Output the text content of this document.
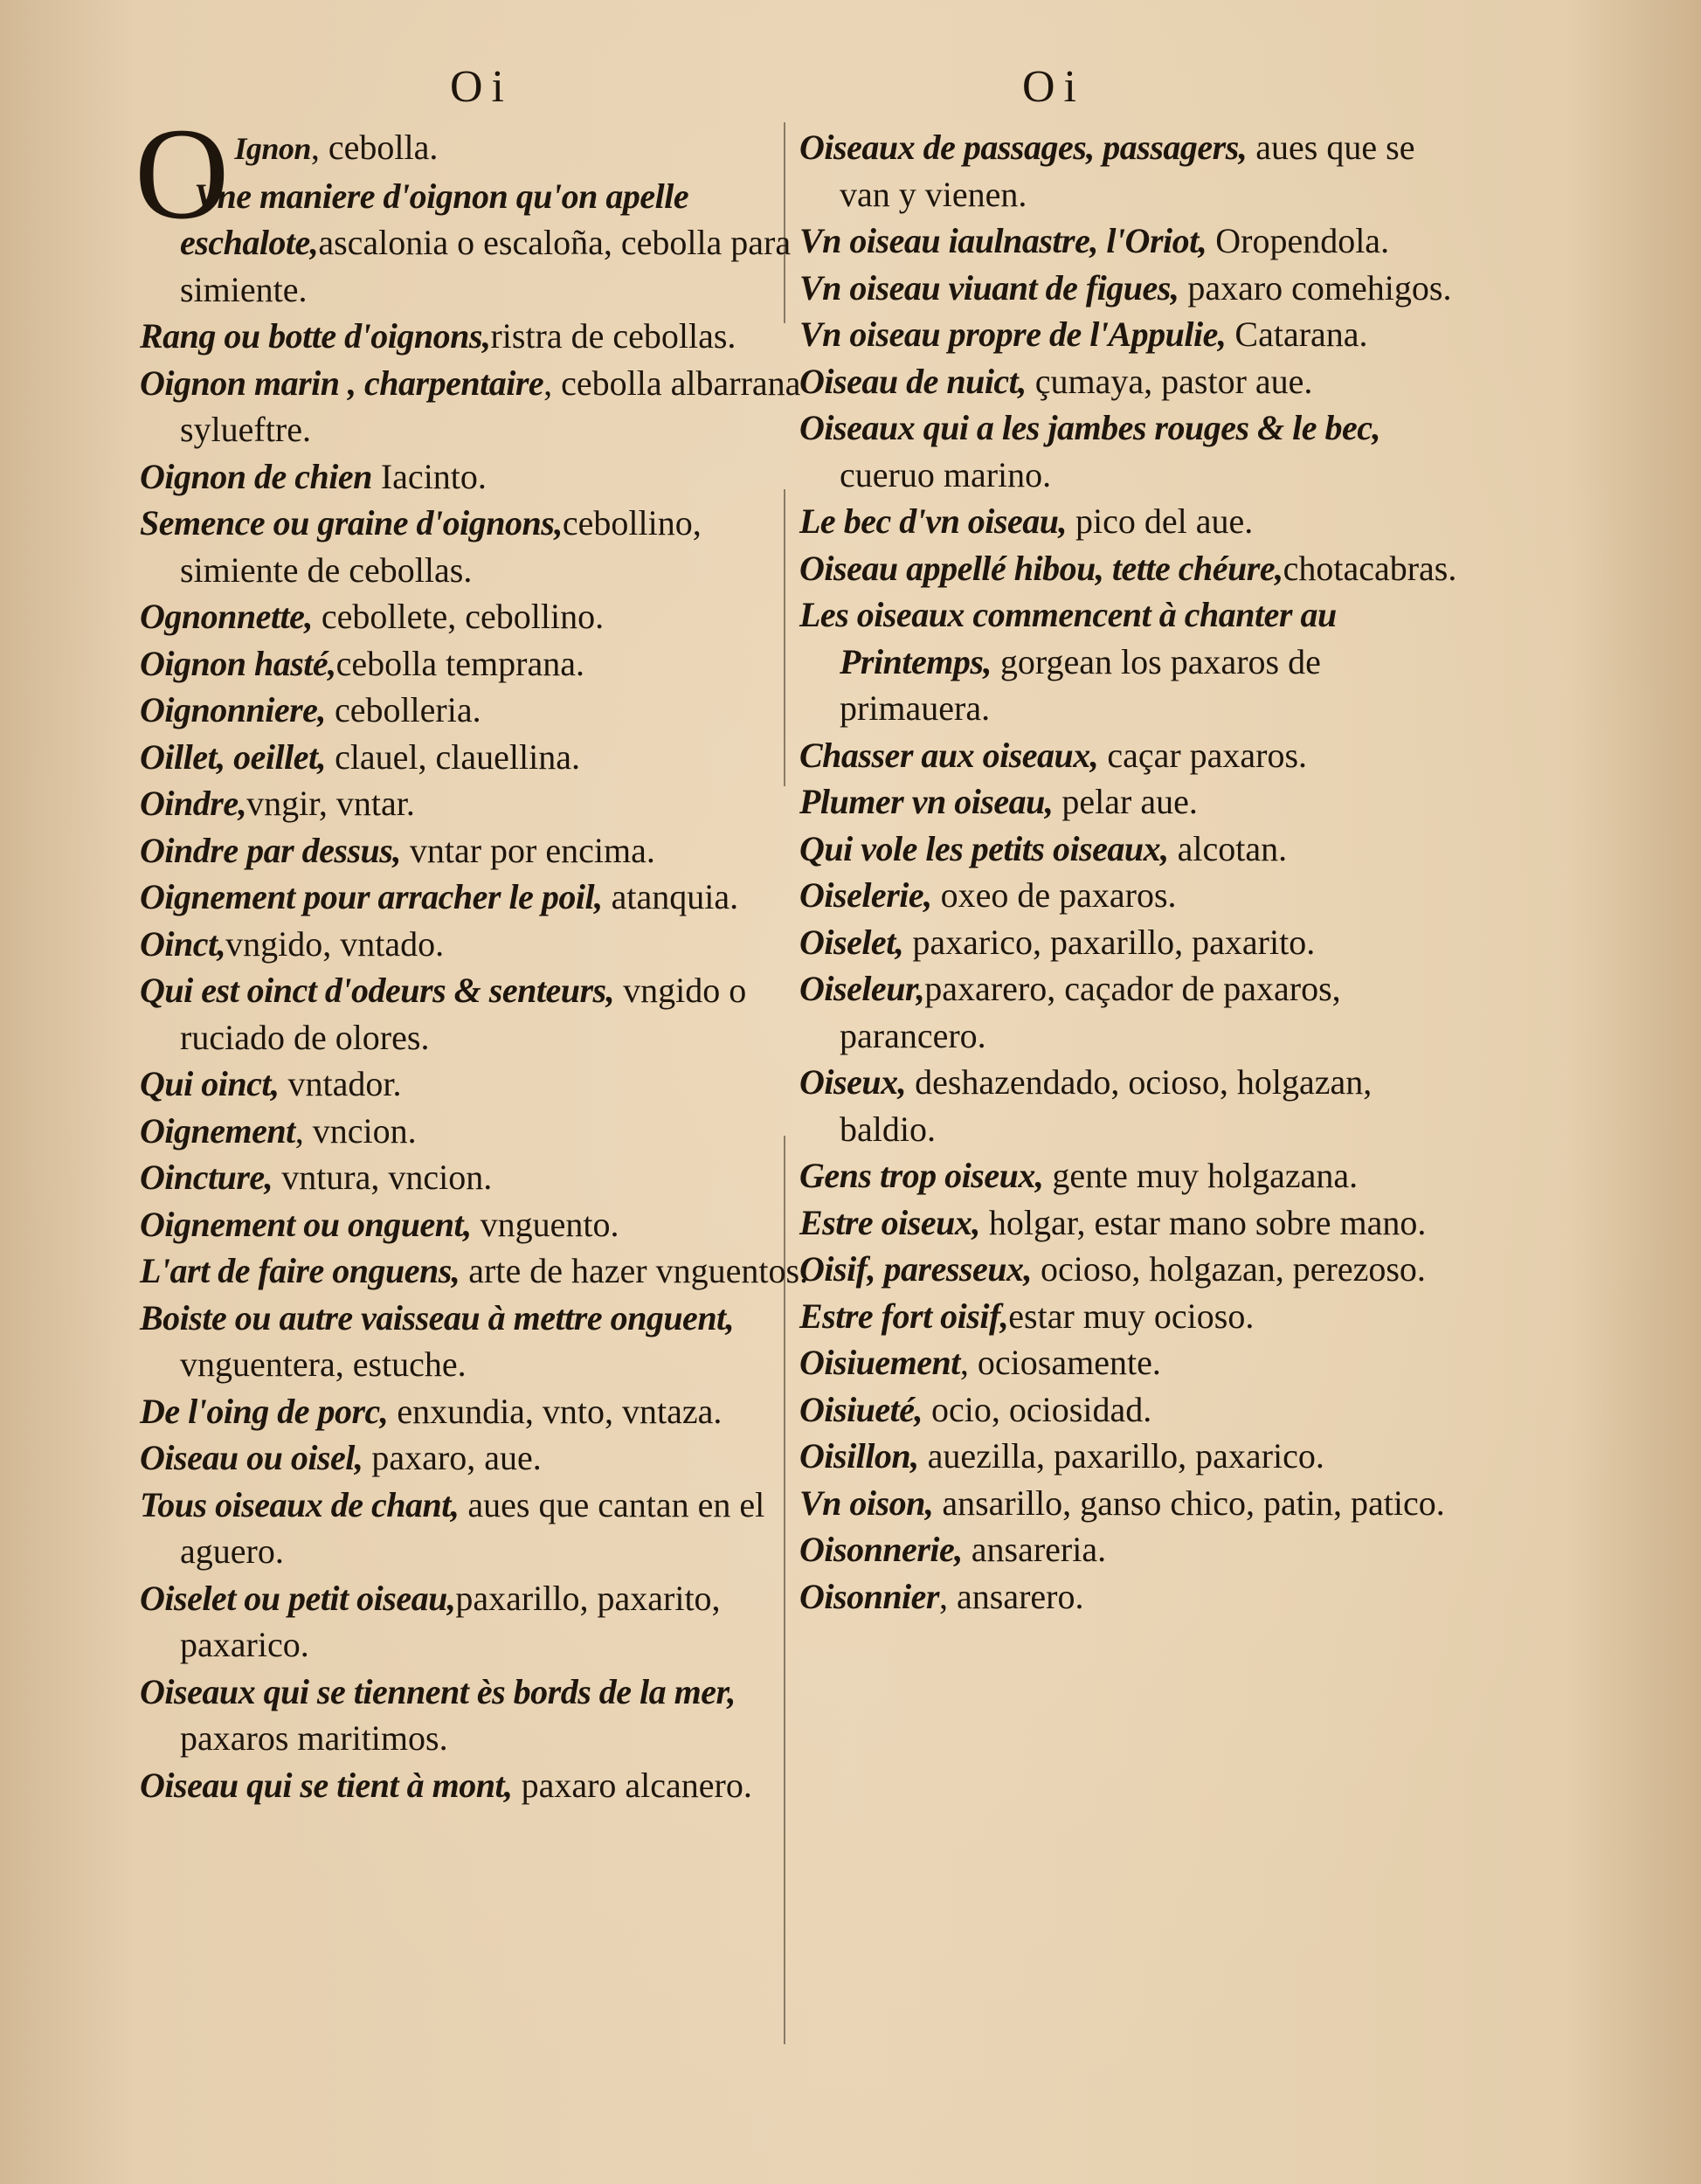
Oi	Oi

O Ignon, cebolla.

Vne maniere d'oignon qu'on apelle eschalote,ascalonia o escaloña, cebolla para simiente.

Rang ou botte d'oignons,ristra de cebollas.

Oignon marin , charpentaire, cebolla albarrana sylueftre.

Oignon de chien Iacinto.

Semence ou graine d'oignons,cebollino, simiente de cebollas.

Ognonnette, cebollete, cebollino.

Oignon hasté,cebolla temprana.

Oignonniere, cebolleria.

Oillet, oeillet, clauel, clauellina.

Oindre,vngir, vntar.

Oindre par dessus, vntar por encima.

Oignement pour arracher le poil, atanquia.

Oinct,vngido, vntado.

Qui est oinct d'odeurs & senteurs, vngido o ruciado de olores.

Qui oinct, vntador.

Oignement, vncion.

Oincture, vntura, vncion.

Oignement ou onguent, vnguento.

L'art de faire onguens, arte de hazer vnguentos.

Boiste ou autre vaisseau à mettre onguent, vnguentera, estuche.

De l'oing de porc, enxundia, vnto, vntaza.

Oiseau ou oisel, paxaro, aue.

Tous oiseaux de chant, aues que cantan en el aguero.

Oiselet ou petit oiseau,paxarillo, paxarito, paxarico.

Oiseaux qui se tiennent ès bords de la mer, paxaros maritimos.

Oiseau qui se tient à mont, paxaro alcanero.

Oiseaux de passages, passagers, aues que se van y vienen.

Vn oiseau iaulnastre, l'Oriot, Oropendola.

Vn oiseau viuant de figues, paxaro comehigos.

Vn oiseau propre de l'Appulie, Catarana.

Oiseau de nuict, çumaya, pastor aue.

Oiseaux qui a les jambes rouges & le bec, cueruo marino.

Le bec d'vn oiseau, pico del aue.

Oiseau appellé hibou, tette chéure,chotacabras.

Les oiseaux commencent à chanter au Printemps, gorgean los paxaros de primauera.

Chasser aux oiseaux, caçar paxaros.

Plumer vn oiseau, pelar aue.

Qui vole les petits oiseaux, alcotan.

Oiselerie, oxeo de paxaros.

Oiselet, paxarico, paxarillo, paxarito.

Oiseleur,paxarero, caçador de paxaros, parancero.

Oiseux, deshazendado, ocioso, holgazan, baldio.

Gens trop oiseux, gente muy holgazana.

Estre oiseux, holgar, estar mano sobre mano.

Oisif, paresseux, ocioso, holgazan, perezoso.

Estre fort oisif,estar muy ocioso.

Oisiuement, ociosamente.

Oisiueté, ocio, ociosidad.

Oisillon, auezilla, paxarillo, paxarico.

Vn oison, ansarillo, ganso chico, patin, patico.

Oisonnerie, ansareria.

Oisonnier, ansarero.
